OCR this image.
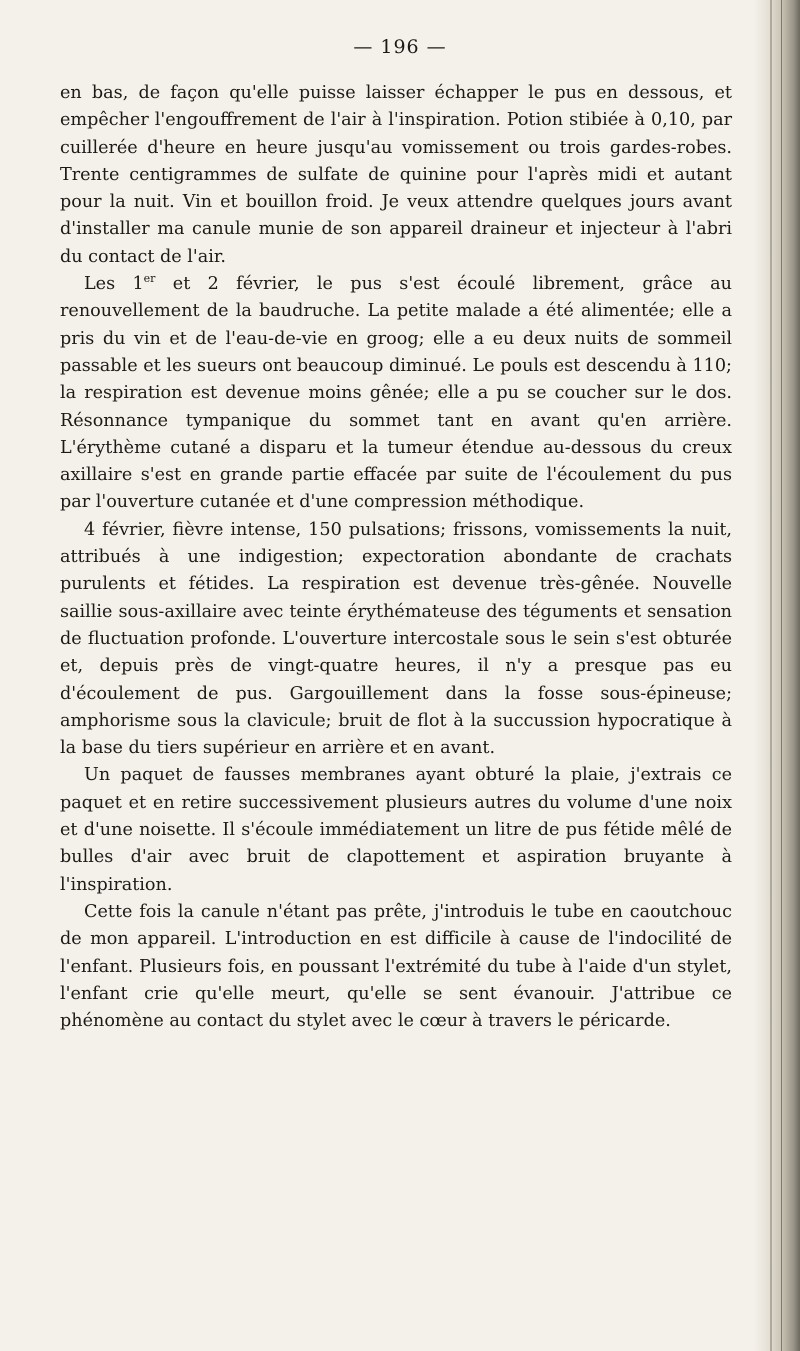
— 196 —

en bas, de façon qu'elle puisse laisser échapper le pus en dessous, et empêcher l'engouffrement de l'air à l'inspiration. Potion stibiée à 0,10, par cuillerée d'heure en heure jusqu'au vomissement ou trois gardes-robes. Trente centigrammes de sulfate de quinine pour l'après midi et autant pour la nuit. Vin et bouillon froid. Je veux attendre quelques jours avant d'installer ma canule munie de son appareil draineur et injecteur à l'abri du contact de l'air.

Les 1er et 2 février, le pus s'est écoulé librement, grâce au renouvellement de la baudruche. La petite malade a été alimentée; elle a pris du vin et de l'eau-de-vie en groog; elle a eu deux nuits de sommeil passable et les sueurs ont beaucoup diminué. Le pouls est descendu à 110; la respiration est devenue moins gênée; elle a pu se coucher sur le dos. Résonnance tympanique du sommet tant en avant qu'en arrière. L'érythème cutané a disparu et la tumeur étendue au-dessous du creux axillaire s'est en grande partie effacée par suite de l'écoulement du pus par l'ouverture cutanée et d'une compression méthodique.

4 février, fièvre intense, 150 pulsations; frissons, vomissements la nuit, attribués à une indigestion; expectoration abondante de crachats purulents et fétides. La respiration est devenue très-gênée. Nouvelle saillie sous-axillaire avec teinte érythémateuse des téguments et sensation de fluctuation profonde. L'ouverture intercostale sous le sein s'est obturée et, depuis près de vingt-quatre heures, il n'y a presque pas eu d'écoulement de pus. Gargouillement dans la fosse sous-épineuse; amphorisme sous la clavicule; bruit de flot à la succussion hypocratique à la base du tiers supérieur en arrière et en avant.

Un paquet de fausses membranes ayant obturé la plaie, j'extrais ce paquet et en retire successivement plusieurs autres du volume d'une noix et d'une noisette. Il s'écoule immédiatement un litre de pus fétide mêlé de bulles d'air avec bruit de clapottement et aspiration bruyante à l'inspiration.

Cette fois la canule n'étant pas prête, j'introduis le tube en caoutchouc de mon appareil. L'introduction en est difficile à cause de l'indocilité de l'enfant. Plusieurs fois, en poussant l'extrémité du tube à l'aide d'un stylet, l'enfant crie qu'elle meurt, qu'elle se sent évanouir. J'attribue ce phénomène au contact du stylet avec le cœur à travers le péricarde.
